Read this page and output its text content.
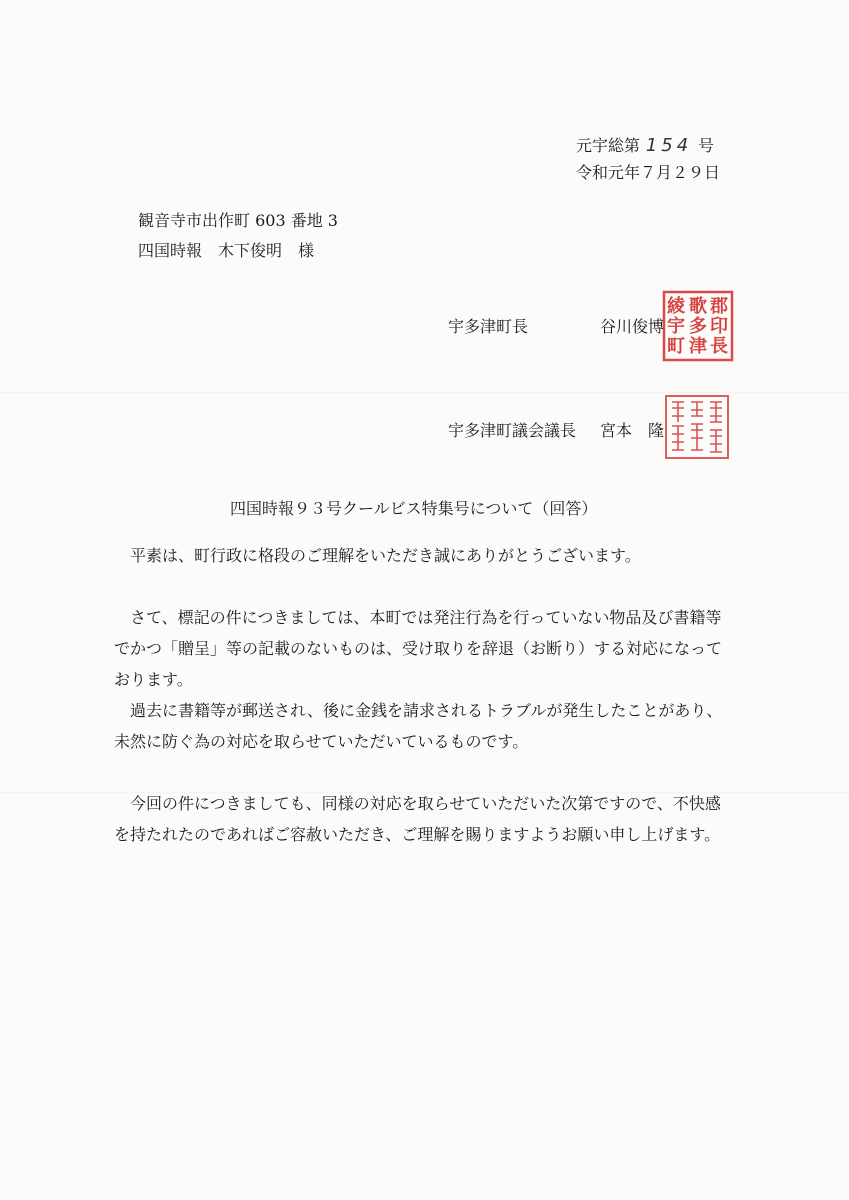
元宇総第 154 号
令和元年７月２９日
観音寺市出作町 603 番地 3
四国時報　木下俊明　様
宇多津町長	谷川俊博
郡
印
長
歌
多
津
綾
宇
町
宇多津町議会議長 宮本　隆
四国時報９３号クールビス特集号について（回答）

平素は、町行政に格段のご理解をいただき誠にありがとうございます。

さて、標記の件につきましては、本町では発注行為を行っていない物品及び書籍等でかつ「贈呈」等の記載のないものは、受け取りを辞退（お断り）する対応になっております。

過去に書籍等が郵送され、後に金銭を請求されるトラブルが発生したことがあり、未然に防ぐ為の対応を取らせていただいているものです。

今回の件につきましても、同様の対応を取らせていただいた次第ですので、不快感を持たれたのであればご容赦いただき、ご理解を賜りますようお願い申し上げます。
